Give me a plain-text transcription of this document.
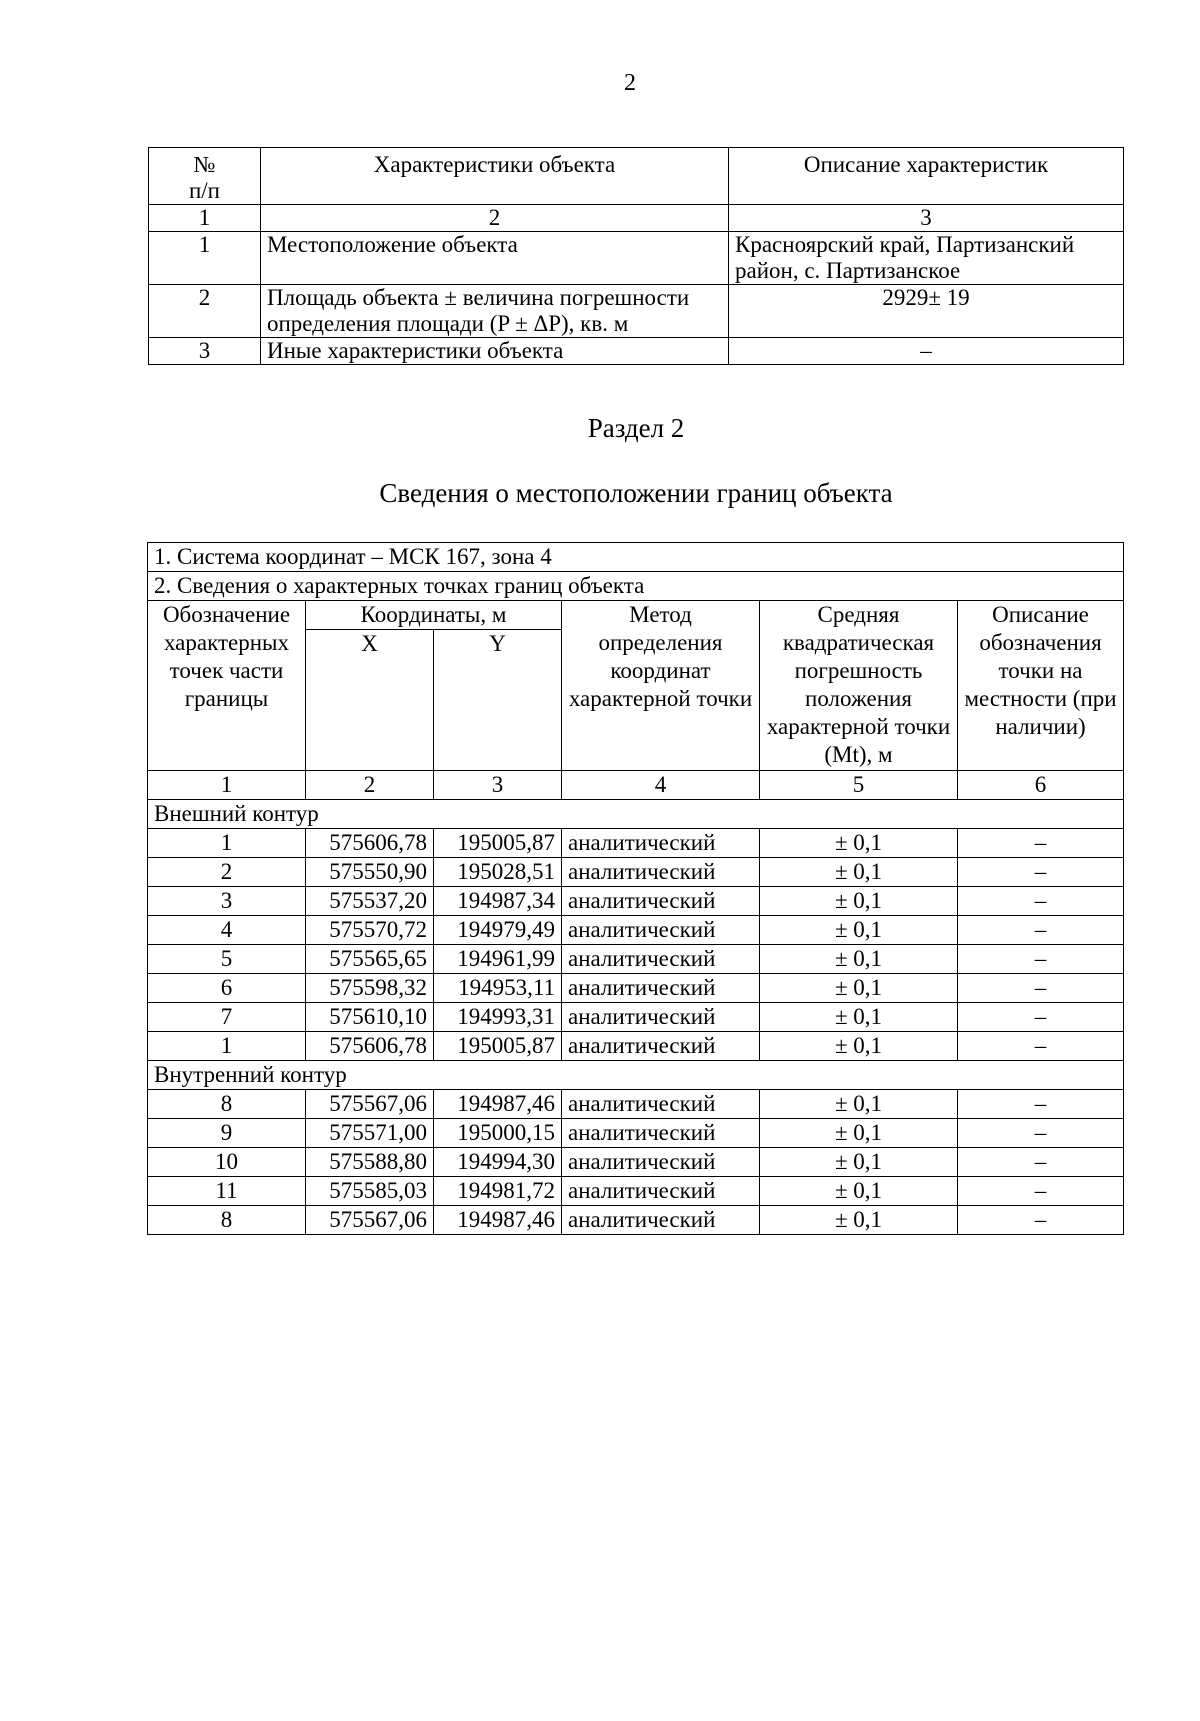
2
№
п/п	Характеристики объекта	Описание характеристик
1	2	3
1	Местоположение объекта	Красноярский край, Партизанский район, с. Партизанское
2	Площадь объекта ± величина погрешности определения площади (P ± ΔP), кв. м	2929± 19
3	Иные характеристики объекта	–
Раздел 2
Сведения о местоположении границ объекта
1. Система координат – МСК 167, зона 4					
2. Сведения о характерных точках границ объекта					
Обозначение характерных точек части границы	Координаты, м		Метод определения координат характерной точки	Средняя квадратическая погрешность положения характерной точки (Mt), м	Описание обозначения точки на местности (при наличии)
	X	Y			
1	2	3	4	5	6
Внешний контур					
1	575606,78	195005,87	аналитический	± 0,1	–
2	575550,90	195028,51	аналитический	± 0,1	–
3	575537,20	194987,34	аналитический	± 0,1	–
4	575570,72	194979,49	аналитический	± 0,1	–
5	575565,65	194961,99	аналитический	± 0,1	–
6	575598,32	194953,11	аналитический	± 0,1	–
7	575610,10	194993,31	аналитический	± 0,1	–
1	575606,78	195005,87	аналитический	± 0,1	–
Внутренний контур					
8	575567,06	194987,46	аналитический	± 0,1	–
9	575571,00	195000,15	аналитический	± 0,1	–
10	575588,80	194994,30	аналитический	± 0,1	–
11	575585,03	194981,72	аналитический	± 0,1	–
8	575567,06	194987,46	аналитический	± 0,1	–
